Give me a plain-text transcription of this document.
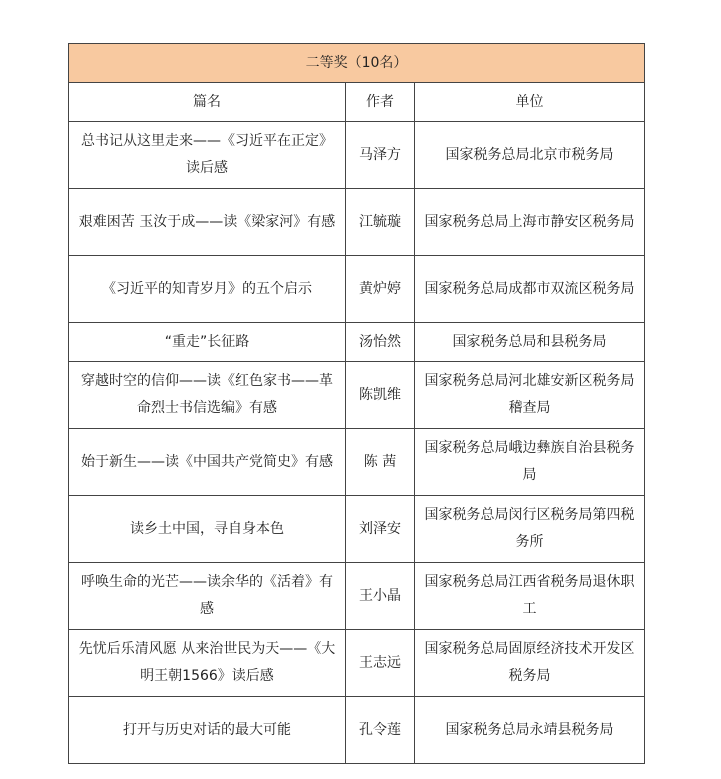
二等奖（10名）		
篇名	作者	单位
总书记从这里走来——《习近平在正定》读后感	马泽方	国家税务总局北京市税务局
艰难困苦 玉汝于成——读《梁家河》有感	江毓璇	国家税务总局上海市静安区税务局
《习近平的知青岁月》的五个启示	黄炉婷	国家税务总局成都市双流区税务局
“重走”长征路	汤怡然	国家税务总局和县税务局
穿越时空的信仰——读《红色家书——革命烈士书信选编》有感	陈凯维	国家税务总局河北雄安新区税务局稽查局
始于新生——读《中国共产党简史》有感	陈 茜	国家税务总局峨边彝族自治县税务局
读乡土中国，寻自身本色	刘泽安	国家税务总局闵行区税务局第四税务所
呼唤生命的光芒——读余华的《活着》有感	王小晶	国家税务总局江西省税务局退休职工
先忧后乐清风愿 从来治世民为天——《大明王朝1566》读后感	王志远	国家税务总局固原经济技术开发区税务局
打开与历史对话的最大可能	孔令莲	国家税务总局永靖县税务局
